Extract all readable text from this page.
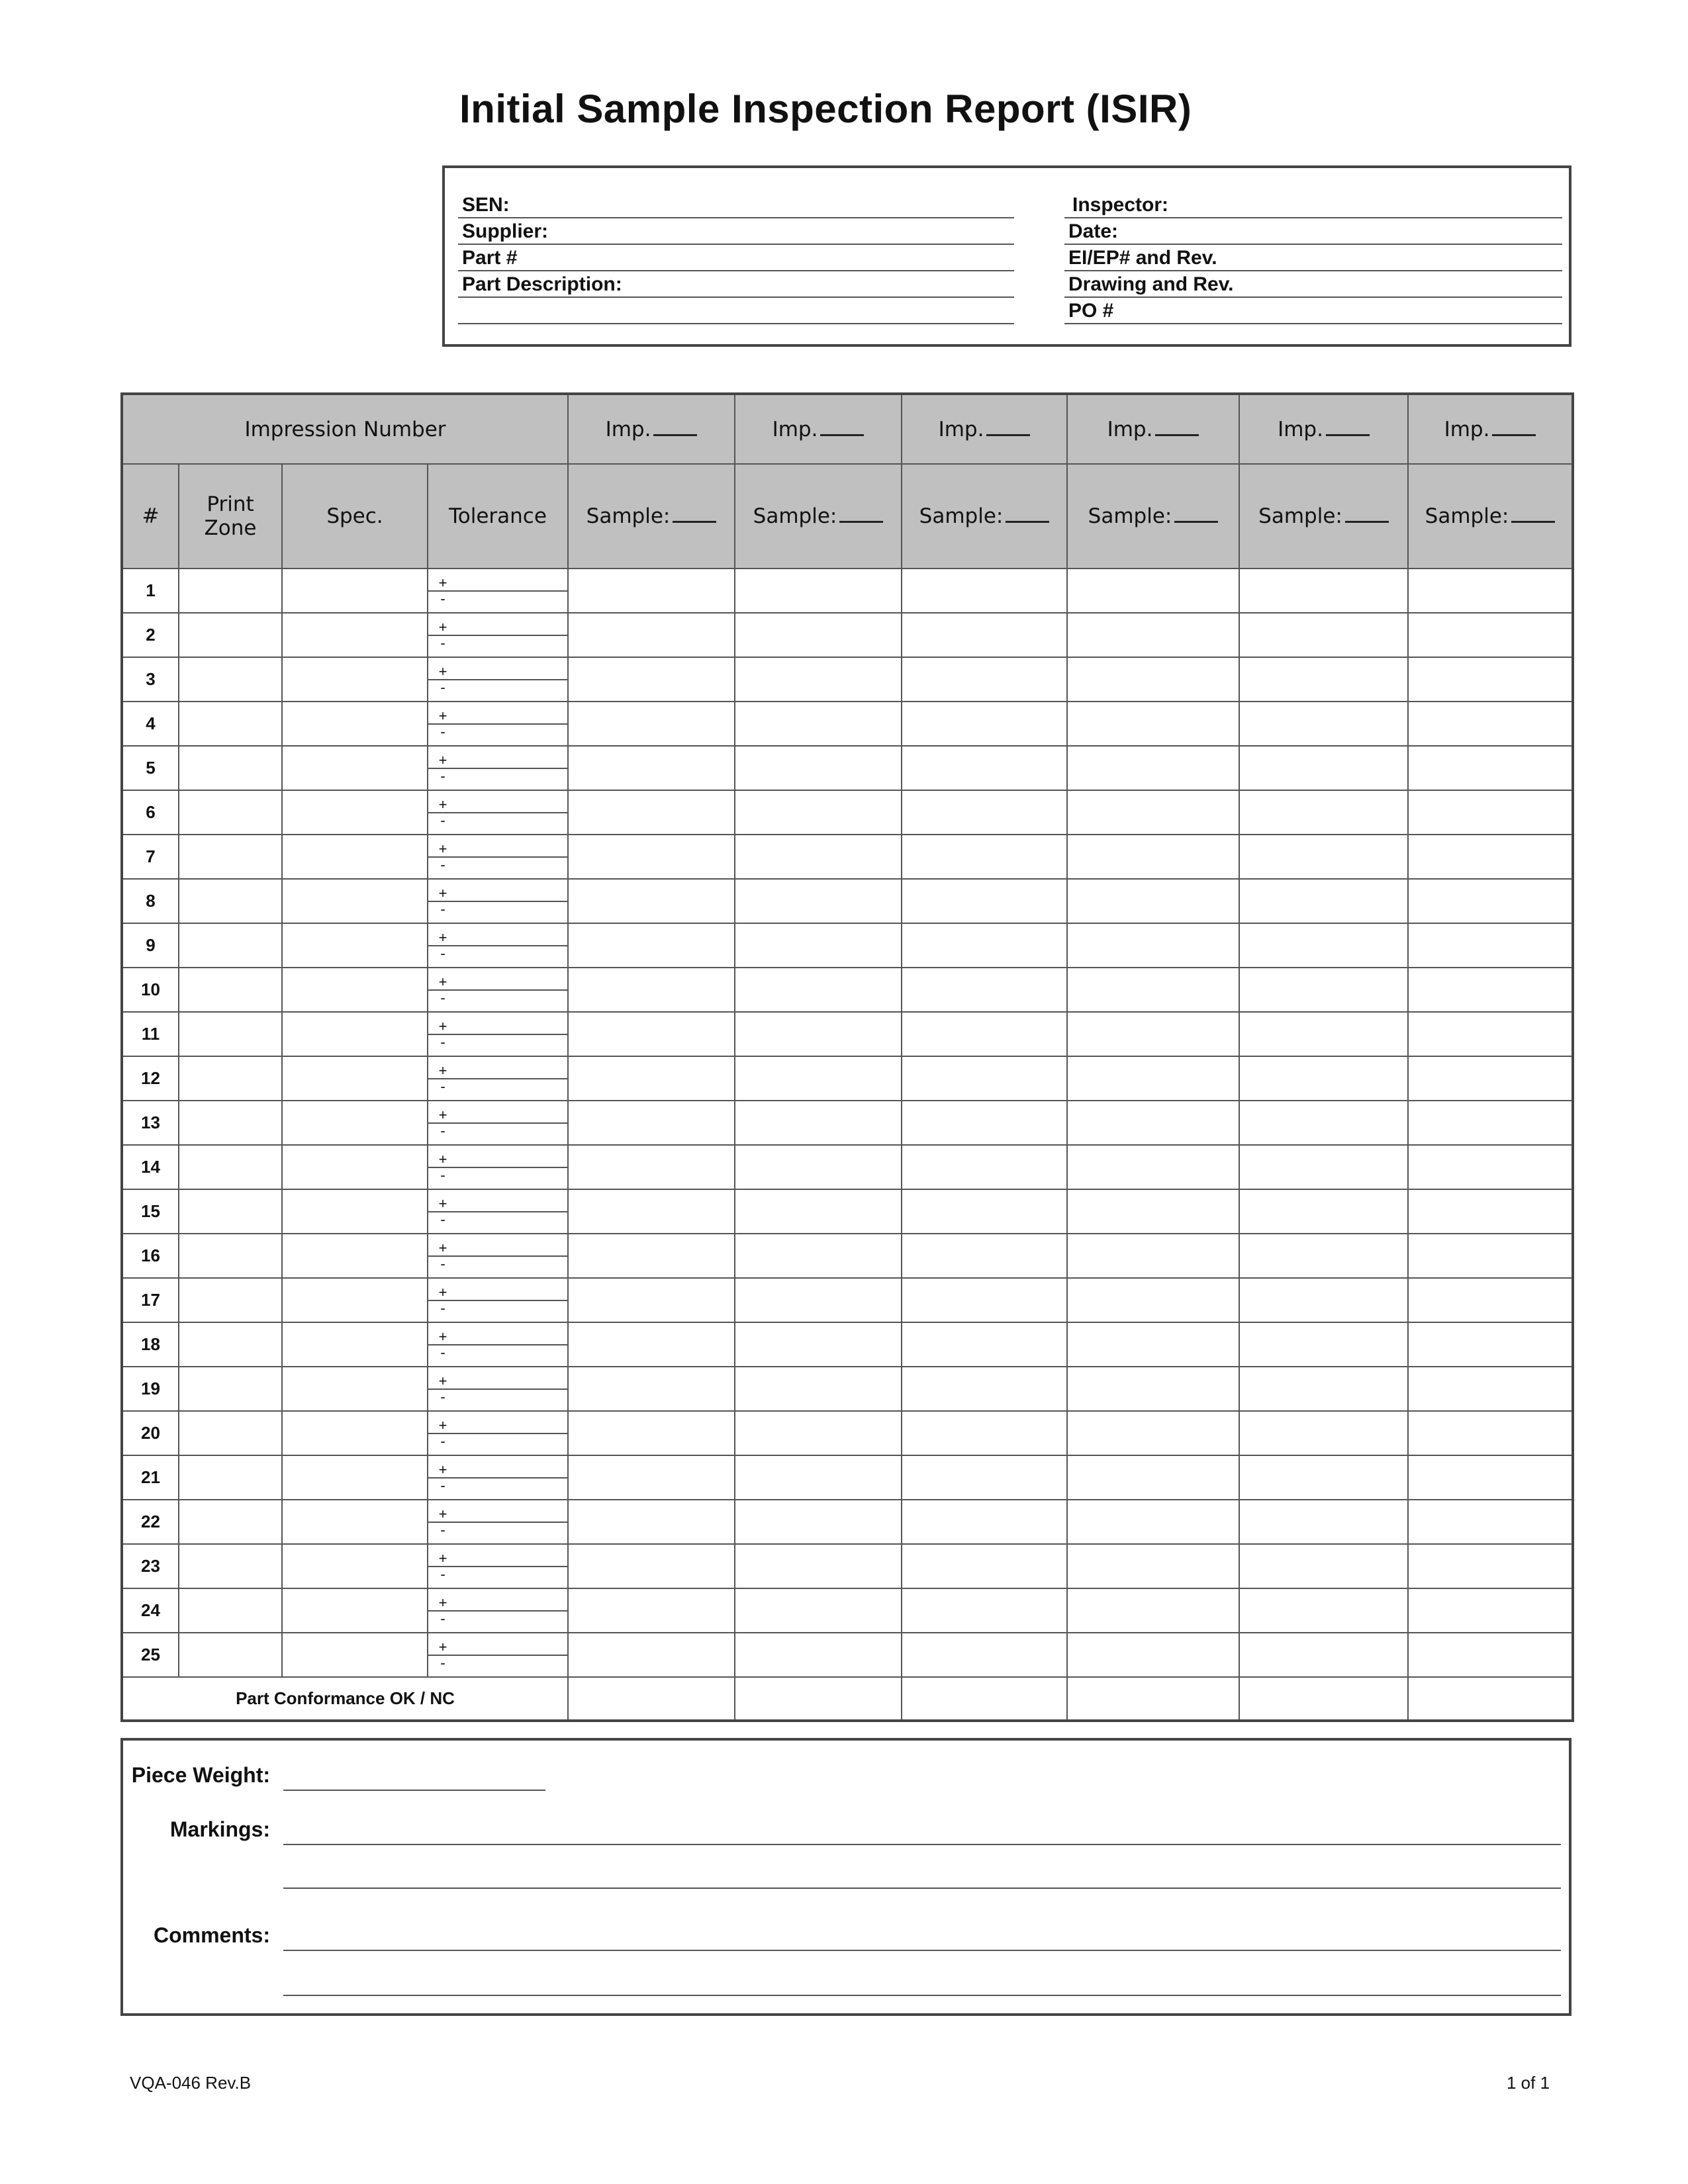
Initial Sample Inspection Report (ISIR)
SEN:
Supplier:
Part #
Part Description:
Inspector:
Date:
EI/EP# and Rev.
Drawing and Rev.
PO #
Impression Number	Imp.	Imp.	Imp.	Imp.	Imp.	Imp.
#	Print Zone	Spec.	Tolerance	Sample:	Sample:	Sample:	Sample:	Sample:	Sample:
1				+	
-	

2				+	
-	

3				+	
-	

4				+	
-	

5				+	
-	

6				+	
-	

7				+	
-	

8				+	
-	

9				+	
-	

10				+	
-	

11				+	
-	

12				+	
-	

13				+	
-	

14				+	
-	

15				+	
-	

16				+	
-	

17				+	
-	

18				+	
-	

19				+	
-	

20				+	
-	

21				+	
-	

22				+	
-	

23				+	
-	

24				+	
-	

25				+	
-	

Part Conformance OK / NC						
Piece Weight:
Markings:
Comments:
VQA-046 Rev.B	1 of 1
